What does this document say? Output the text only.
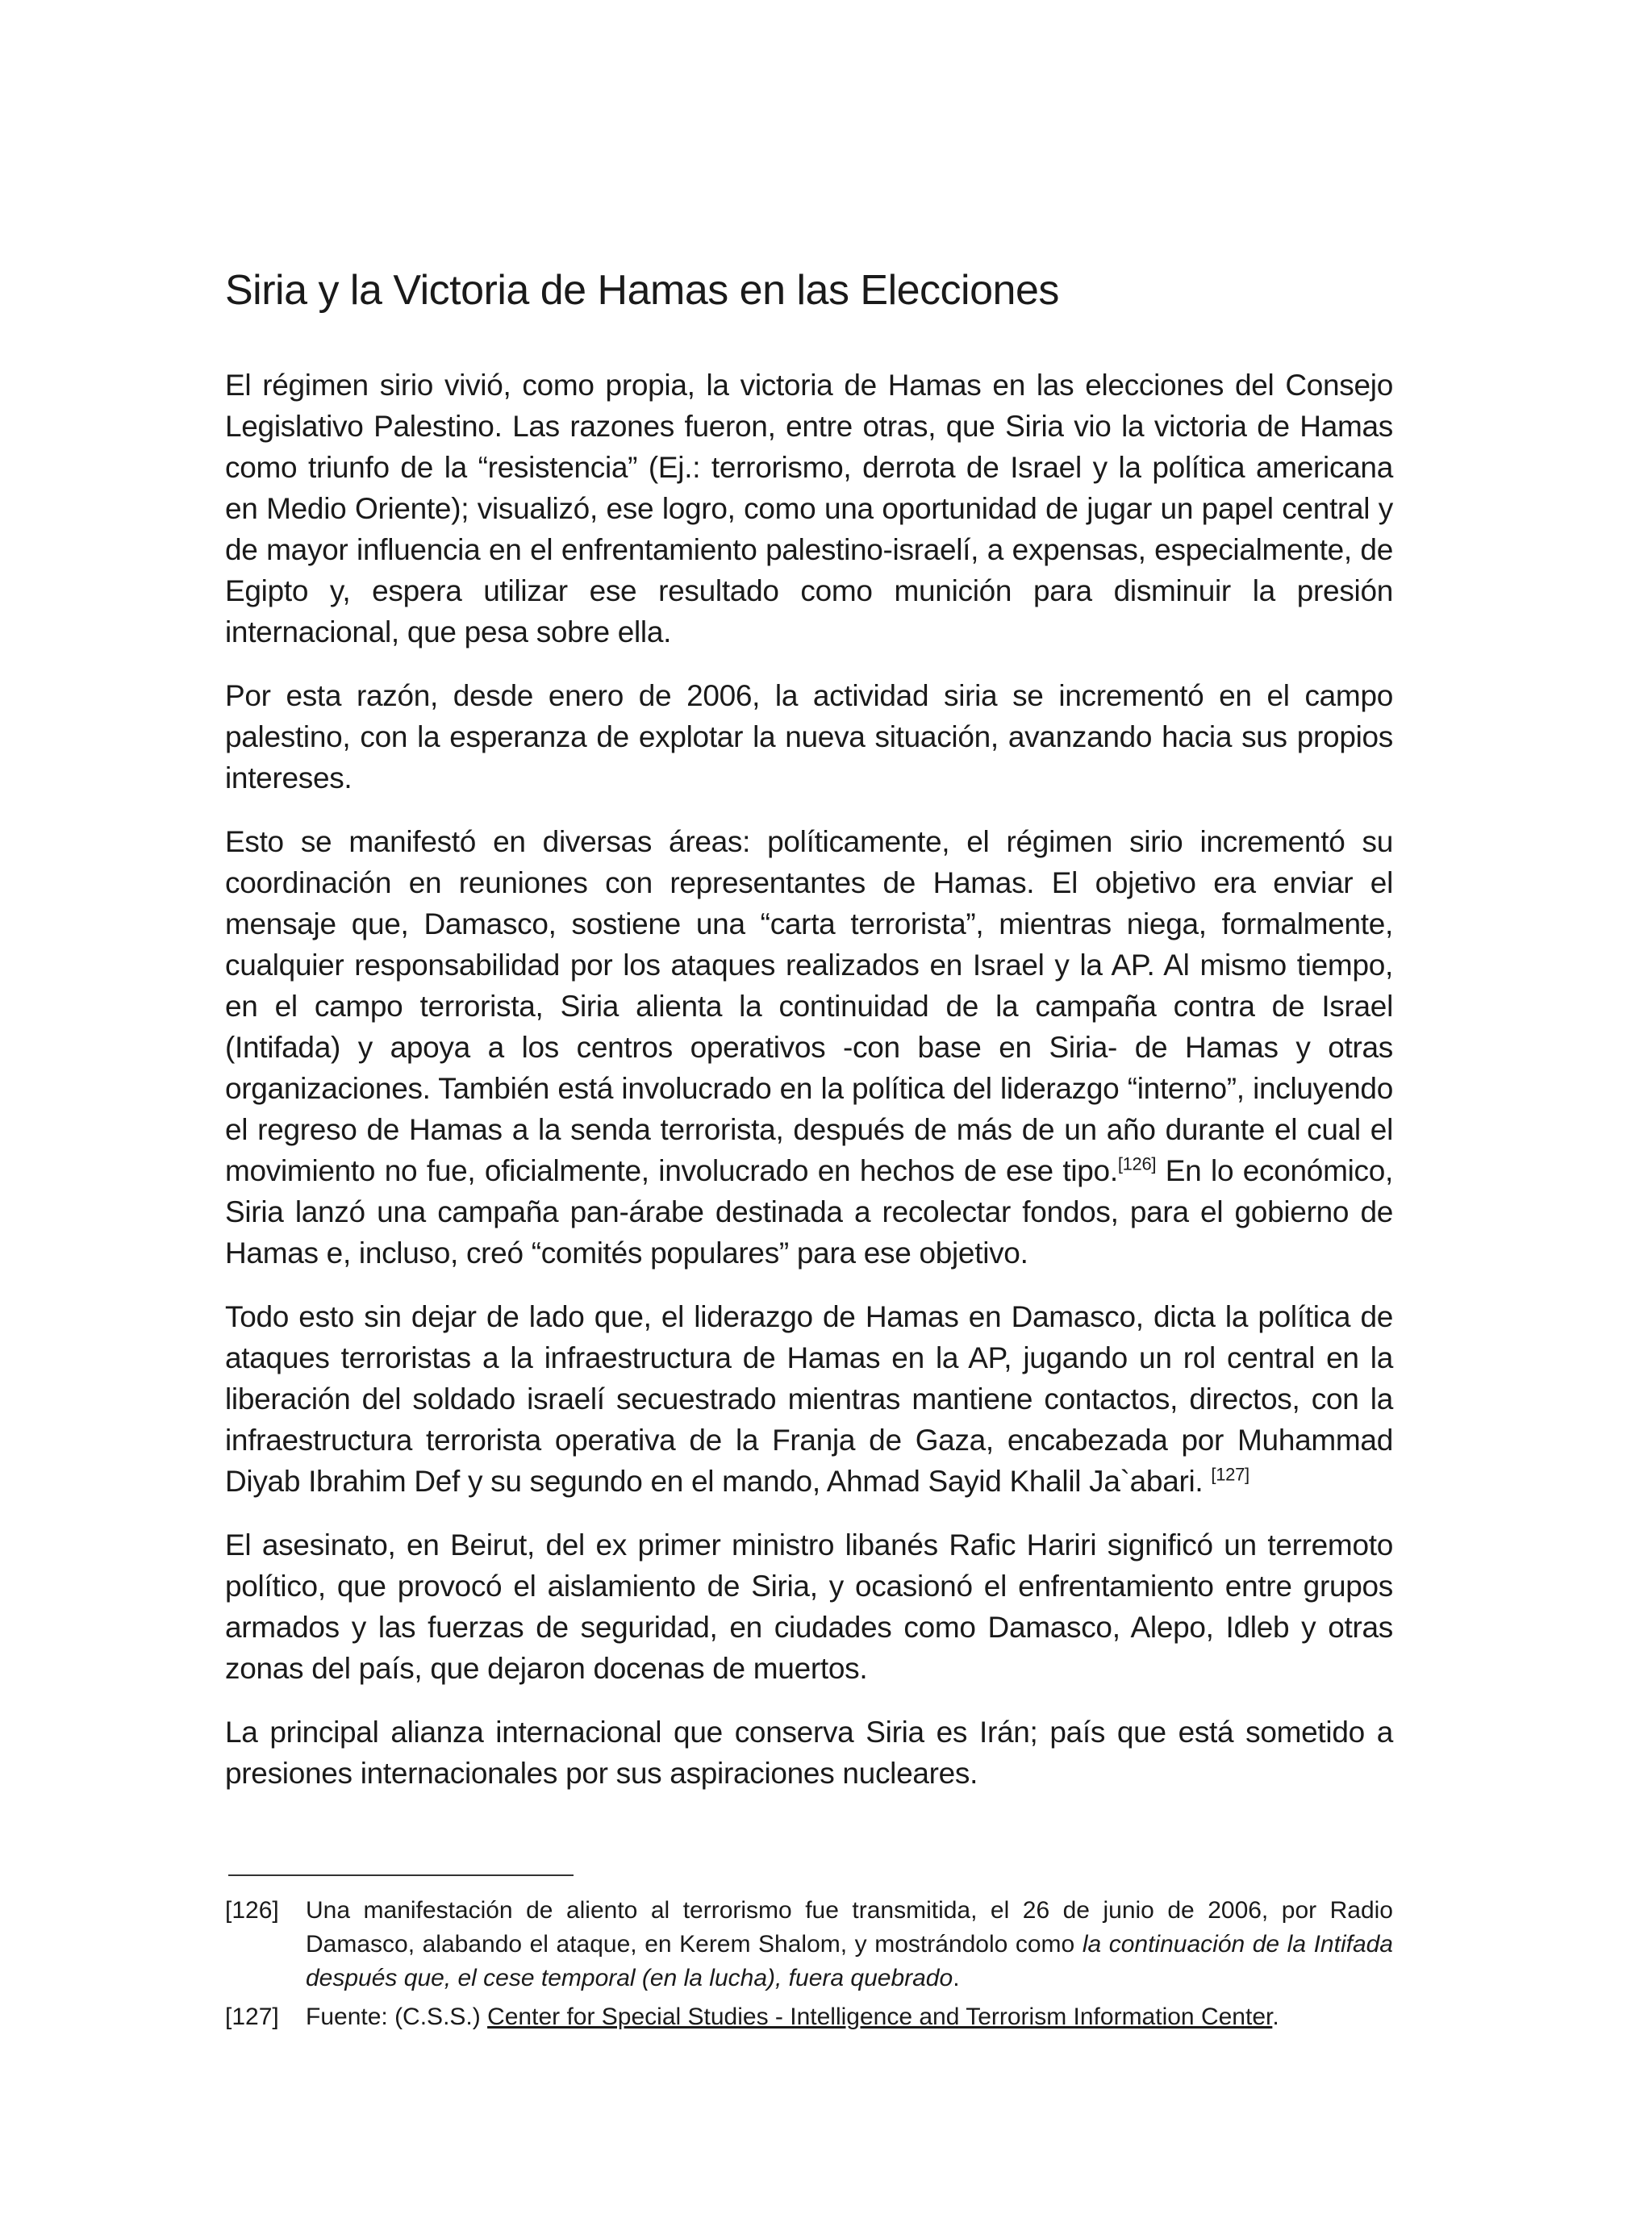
Siria y la Victoria de Hamas en las Elecciones

El régimen sirio vivió, como propia, la victoria de Hamas en las elecciones del Consejo Legislativo Palestino. Las razones fueron, entre otras, que Siria vio la victoria de Hamas como triunfo de la “resistencia” (Ej.: terrorismo, derrota de Israel y la política americana en Medio Oriente); visualizó, ese logro, como una oportunidad de jugar un papel central y de mayor influencia en el enfrentamiento palestino-israelí, a expensas, especialmente, de Egipto y, espera utilizar ese resultado como munición para disminuir la presión internacional, que pesa sobre ella.

Por esta razón, desde enero de 2006, la actividad siria se incrementó en el campo palestino, con la esperanza de explotar la nueva situación, avanzando hacia sus propios intereses.

Esto se manifestó en diversas áreas: políticamente, el régimen sirio incrementó su coordinación en reuniones con representantes de Hamas. El objetivo era enviar el mensaje que, Damasco, sostiene una “carta terrorista”, mientras niega, formalmente, cualquier responsabilidad por los ataques realizados en Israel y la AP. Al mismo tiempo, en el campo terrorista, Siria alienta la continuidad de la campaña contra de Israel (Intifada) y apoya a los centros operativos -con base en Siria- de Hamas y otras organizaciones. También está involucrado en la política del liderazgo “interno”, incluyendo el regreso de Hamas a la senda terrorista, después de más de un año durante el cual el movimiento no fue, oficialmente, involucrado en hechos de ese tipo.[126] En lo económico, Siria lanzó una campaña pan-árabe destinada a recolectar fondos, para el gobierno de Hamas e, incluso, creó “comités populares” para ese objetivo.

Todo esto sin dejar de lado que, el liderazgo de Hamas en Damasco, dicta la política de ataques terroristas a la infraestructura de Hamas en la AP, jugando un rol central en la liberación del soldado israelí secuestrado mientras mantiene contactos, directos, con la infraestructura terrorista operativa de la Franja de Gaza, encabezada por Muhammad Diyab Ibrahim Def y su segundo en el mando, Ahmad Sayid Khalil Ja`abari. [127]

El asesinato, en Beirut, del ex primer ministro libanés Rafic Hariri significó un terremoto político, que provocó el aislamiento de Siria, y ocasionó el enfrentamiento entre grupos armados y las fuerzas de seguridad, en ciudades como Damasco, Alepo, Idleb y otras zonas del país, que dejaron docenas de muertos.

La principal alianza internacional que conserva Siria es Irán; país que está sometido a presiones internacionales por sus aspiraciones nucleares.

[126]	Una manifestación de aliento al terrorismo fue transmitida, el 26 de junio de 2006, por Radio Damasco, alabando el ataque, en Kerem Shalom, y mostrándolo como la continuación de la Intifada después que, el cese temporal (en la lucha), fuera quebrado.
[127]	Fuente: (C.S.S.) Center for Special Studies - Intelligence and Terrorism Information Center.
